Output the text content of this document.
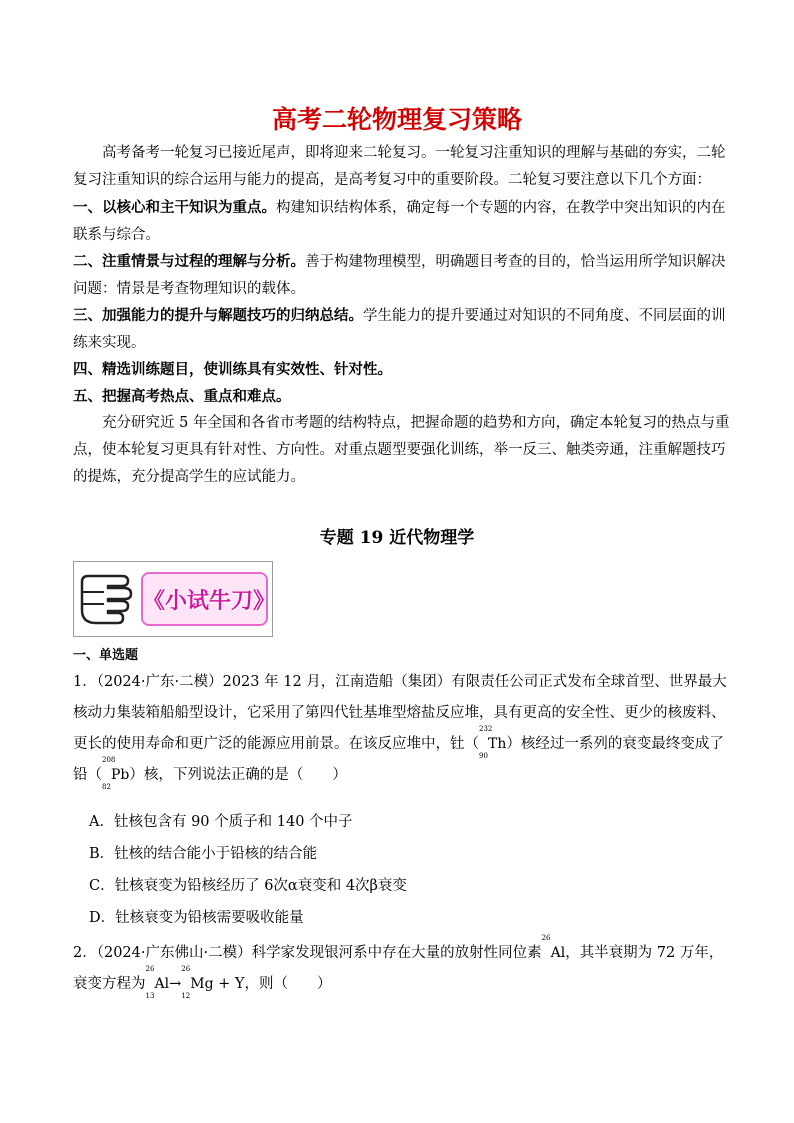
高考二轮物理复习策略
高考备考一轮复习已接近尾声，即将迎来二轮复习。一轮复习注重知识的理解与基础的夯实，二轮复习注重知识的综合运用与能力的提高，是高考复习中的重要阶段。二轮复习要注意以下几个方面：
一、以核心和主干知识为重点。构建知识结构体系，确定每一个专题的内容，在教学中突出知识的内在联系与综合。
二、注重情景与过程的理解与分析。善于构建物理模型，明确题目考查的目的，恰当运用所学知识解决问题：情景是考查物理知识的载体。
三、加强能力的提升与解题技巧的归纳总结。学生能力的提升要通过对知识的不同角度、不同层面的训练来实现。
四、精选训练题目，使训练具有实效性、针对性。
五、把握高考热点、重点和难点。
充分研究近 5 年全国和各省市考题的结构特点，把握命题的趋势和方向，确定本轮复习的热点与重点，使本轮复习更具有针对性、方向性。对重点题型要强化训练，举一反三、触类旁通，注重解题技巧的提炼，充分提高学生的应试能力。
专题 19 近代物理学
《小试牛刀》
一、单选题
1．（2024·广东·二模）2023 年 12 月，江南造船（集团）有限责任公司正式发布全球首型、世界最大核动力集装箱船船型设计，它采用了第四代钍基堆型熔盐反应堆，具有更高的安全性、更少的核废料、更长的使用寿命和更广泛的能源应用前景。在该反应堆中，钍（
232
90
Th）核经过一系列的衰变最终变成了铅（
208
82
Pb）核，下列说法正确的是（　　）
A．钍核包含有 90 个质子和 140 个中子
B．钍核的结合能小于铅核的结合能
C．钍核衰变为铅核经历了 6次α衰变和 4次β衰变
D．钍核衰变为铅核需要吸收能量
2．（2024·广东佛山·二模）科学家发现银河系中存在大量的放射性同位素
26
Al，其半衰期为 72 万年，衰变方程为
26
13
Al→
26
12
Mg + Y，则（　　）
